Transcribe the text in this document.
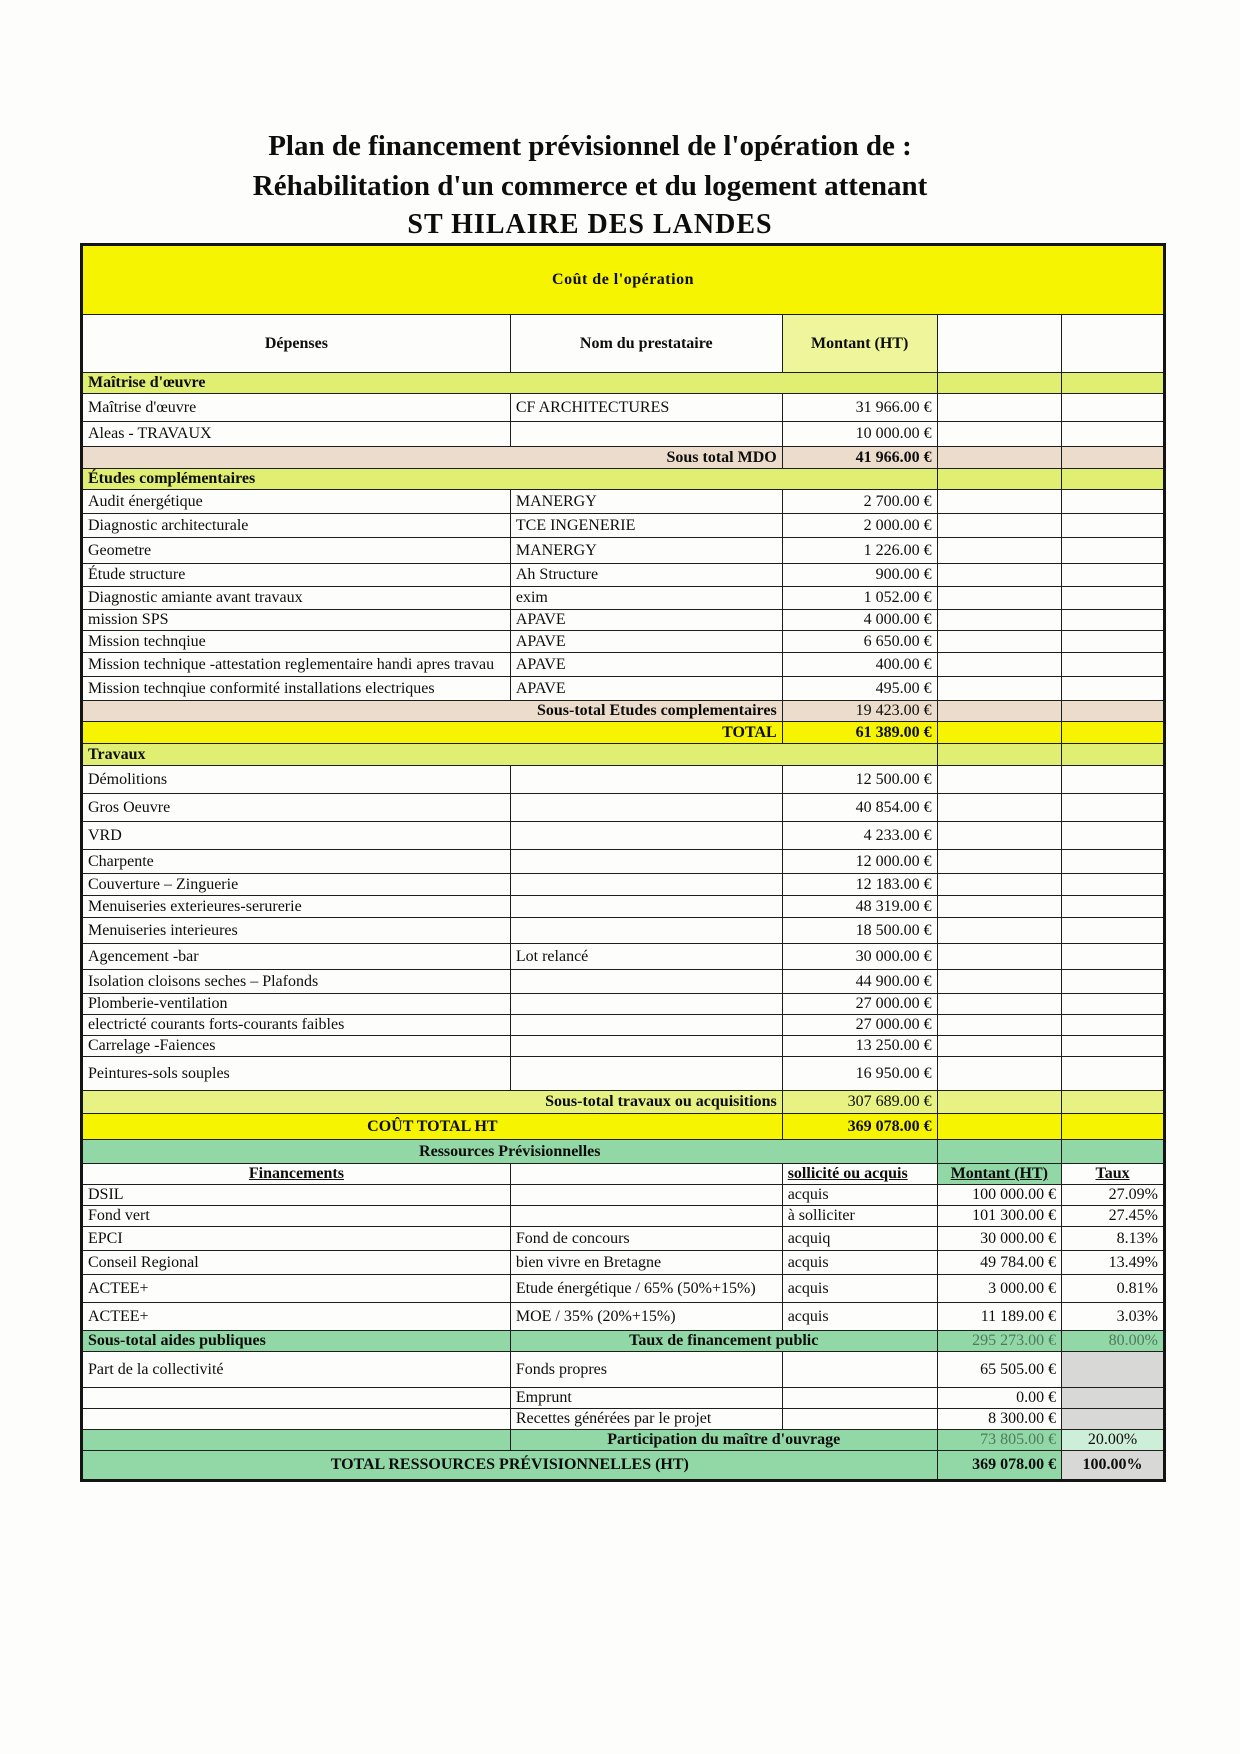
Plan de financement prévisionnel de l'opération de :
Réhabilitation d'un commerce et du logement attenant
ST HILAIRE DES LANDES
Coût de l'opération				
Dépenses	Nom du prestataire	Montant (HT)		
Maîtrise d'œuvre				
Maîtrise d'œuvre	CF ARCHITECTURES	31 966.00 €		
Aleas - TRAVAUX		10 000.00 €		
Sous total MDO		41 966.00 €		
Études complémentaires				
Audit énergétique	MANERGY	2 700.00 €		
Diagnostic architecturale	TCE INGENERIE	2 000.00 €		
Geometre	MANERGY	1 226.00 €		
Étude structure	Ah Structure	900.00 €		
Diagnostic amiante avant travaux	exim	1 052.00 €		
mission SPS	APAVE	4 000.00 €		
Mission technqiue	APAVE	6 650.00 €		
Mission technique -attestation reglementaire handi apres travau	APAVE	400.00 €		
Mission technqiue conformité installations electriques	APAVE	495.00 €		
Sous-total Etudes complementaires		19 423.00 €		
TOTAL		61 389.00 €		
Travaux				
Démolitions		12 500.00 €		
Gros Oeuvre		40 854.00 €		
VRD		4 233.00 €		
Charpente		12 000.00 €		
Couverture – Zinguerie		12 183.00 €		
Menuiseries exterieures-serurerie		48 319.00 €		
Menuiseries interieures		18 500.00 €		
Agencement -bar	Lot relancé	30 000.00 €		
Isolation cloisons seches – Plafonds		44 900.00 €		
Plomberie-ventilation		27 000.00 €		
electricté courants forts-courants faibles		27 000.00 €		
Carrelage -Faiences		13 250.00 €		
Peintures-sols souples		16 950.00 €		
Sous-total travaux ou acquisitions		307 689.00 €		
COÛT TOTAL HT		369 078.00 €		
Ressources Prévisionnelles				
Financements		sollicité ou acquis	Montant (HT)	Taux
DSIL		acquis	100 000.00 €	27.09%
Fond vert		à solliciter	101 300.00 €	27.45%
EPCI	Fond de concours	acquiq	30 000.00 €	8.13%
Conseil Regional	bien vivre en Bretagne	acquis	49 784.00 €	13.49%
ACTEE+	Etude énergétique / 65% (50%+15%)	acquis	3 000.00 €	0.81%
ACTEE+	MOE / 35% (20%+15%)	acquis	11 189.00 €	3.03%
Sous-total aides publiques	Taux de financement public		295 273.00 €	80.00%
Part de la collectivité	Fonds propres		65 505.00 €	
	Emprunt		0.00 €	
	Recettes générées par le projet		8 300.00 €	
	Participation du maître d'ouvrage		73 805.00 €	20.00%
TOTAL RESSOURCES PRÉVISIONNELLES (HT)			369 078.00 €	100.00%
